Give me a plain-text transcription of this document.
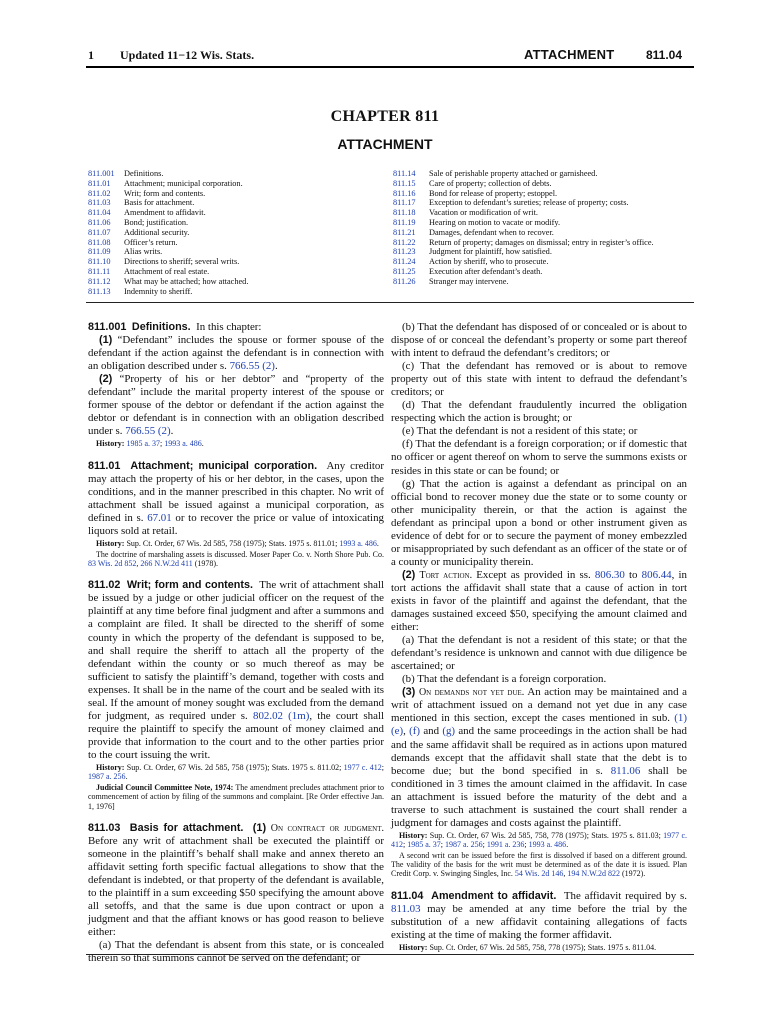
1 Updated 11−12 Wis. Stats.	ATTACHMENT	811.04
CHAPTER 811
ATTACHMENT
811.001	Definitions.
811.01	Attachment; municipal corporation.
811.02	Writ; form and contents.
811.03	Basis for attachment.
811.04	Amendment to affidavit.
811.06	Bond; justification.
811.07	Additional security.
811.08	Officer’s return.
811.09	Alias writs.
811.10	Directions to sheriff; several writs.
811.11	Attachment of real estate.
811.12	What may be attached; how attached.
811.13	Indemnity to sheriff.
811.14	Sale of perishable property attached or garnisheed.
811.15	Care of property; collection of debts.
811.16	Bond for release of property; estoppel.
811.17	Exception to defendant’s sureties; release of property; costs.
811.18	Vacation or modification of writ.
811.19	Hearing on motion to vacate or modify.
811.21	Damages, defendant when to recover.
811.22	Return of property; damages on dismissal; entry in register’s office.
811.23	Judgment for plaintiff, how satisfied.
811.24	Action by sheriff, who to prosecute.
811.25	Execution after defendant’s death.
811.26	Stranger may intervene.

811.001 Definitions. In this chapter:

(1) “Defendant” includes the spouse or former spouse of the defendant if the action against the defendant is in connection with an obligation described under s. 766.55 (2).

(2) “Property of his or her debtor” and “property of the defendant” include the marital property interest of the spouse or former spouse of the debtor or defendant if the action against the debtor or defendant is in connection with an obligation described under s. 766.55 (2).

History: 1985 a. 37; 1993 a. 486.

811.01 Attachment; municipal corporation. Any creditor may attach the property of his or her debtor, in the cases, upon the conditions, and in the manner prescribed in this chapter. No writ of attachment shall be issued against a municipal corporation, as defined in s. 67.01 or to recover the price or value of intoxicating liquors sold at retail.

History: Sup. Ct. Order, 67 Wis. 2d 585, 758 (1975); Stats. 1975 s. 811.01; 1993 a. 486.

The doctrine of marshaling assets is discussed. Moser Paper Co. v. North Shore Pub. Co. 83 Wis. 2d 852, 266 N.W.2d 411 (1978).

811.02 Writ; form and contents. The writ of attachment shall be issued by a judge or other judicial officer on the request of the plaintiff at any time before final judgment and after a summons and a complaint are filed. It shall be directed to the sheriff of some county in which the property of the defendant is supposed to be, and shall require the sheriff to attach all the property of the defendant within the county or so much thereof as may be sufficient to satisfy the plaintiff’s demand, together with costs and expenses. It shall be in the name of the court and be sealed with its seal. If the amount of money sought was excluded from the demand for judgment, as required under s. 802.02 (1m), the court shall require the plaintiff to specify the amount of money claimed and provide that information to the court and to the other parties prior to the court issuing the writ.

History: Sup. Ct. Order, 67 Wis. 2d 585, 758 (1975); Stats. 1975 s. 811.02; 1977 c. 412; 1987 a. 256.

Judicial Council Committee Note, 1974: The amendment precludes attachment prior to commencement of action by filing of the summons and complaint. [Re Order effective Jan. 1, 1976]

811.03 Basis for attachment. (1) On contract or judgment. Before any writ of attachment shall be executed the plaintiff or someone in the plaintiff’s behalf shall make and annex thereto an affidavit setting forth specific factual allegations to show that the defendant is indebted, or that property of the defendant is available, to the plaintiff in a sum exceeding $50 specifying the amount above all setoffs, and that the same is due upon contract or upon a judgment and that the affiant knows or has good reason to believe either:

(a) That the defendant is absent from this state, or is concealed therein so that summons cannot be served on the defendant; or

(b) That the defendant has disposed of or concealed or is about to dispose of or conceal the defendant’s property or some part thereof with intent to defraud the defendant’s creditors; or

(c) That the defendant has removed or is about to remove property out of this state with intent to defraud the defendant’s creditors; or

(d) That the defendant fraudulently incurred the obligation respecting which the action is brought; or

(e) That the defendant is not a resident of this state; or

(f) That the defendant is a foreign corporation; or if domestic that no officer or agent thereof on whom to serve the summons exists or resides in this state or can be found; or

(g) That the action is against a defendant as principal on an official bond to recover money due the state or to some county or other municipality therein, or that the action is against the defendant as principal upon a bond or other instrument given as evidence of debt for or to secure the payment of money embezzled or misappropriated by such defendant as an officer of the state or of a county or municipality therein.

(2) Tort action. Except as provided in ss. 806.30 to 806.44, in tort actions the affidavit shall state that a cause of action in tort exists in favor of the plaintiff and against the defendant, that the damages sustained exceed $50, specifying the amount claimed and either:

(a) That the defendant is not a resident of this state; or that the defendant’s residence is unknown and cannot with due diligence be ascertained; or

(b) That the defendant is a foreign corporation.

(3) On demands not yet due. An action may be maintained and a writ of attachment issued on a demand not yet due in any case mentioned in this section, except the cases mentioned in sub. (1) (e), (f) and (g) and the same proceedings in the action shall be had and the same affidavit shall be required as in actions upon matured demands except that the affidavit shall state that the debt is to become due; but the bond specified in s. 811.06 shall be conditioned in 3 times the amount claimed in the affidavit. In case an attachment is issued before the maturity of the debt and a traverse to such attachment is sustained the court shall render a judgment for damages and costs against the plaintiff.

History: Sup. Ct. Order, 67 Wis. 2d 585, 758, 778 (1975); Stats. 1975 s. 811.03; 1977 c. 412; 1985 a. 37; 1987 a. 256; 1991 a. 236; 1993 a. 486.

A second writ can be issued before the first is dissolved if based on a different ground. The validity of the basis for the writ must be determined as of the date it is issued. Plan Credit Corp. v. Swinging Singles, Inc. 54 Wis. 2d 146, 194 N.W.2d 822 (1972).

811.04 Amendment to affidavit. The affidavit required by s. 811.03 may be amended at any time before the trial by the substitution of a new affidavit containing allegations of facts existing at the time of making the former affidavit.

History: Sup. Ct. Order, 67 Wis. 2d 585, 758, 778 (1975); Stats. 1975 s. 811.04.
